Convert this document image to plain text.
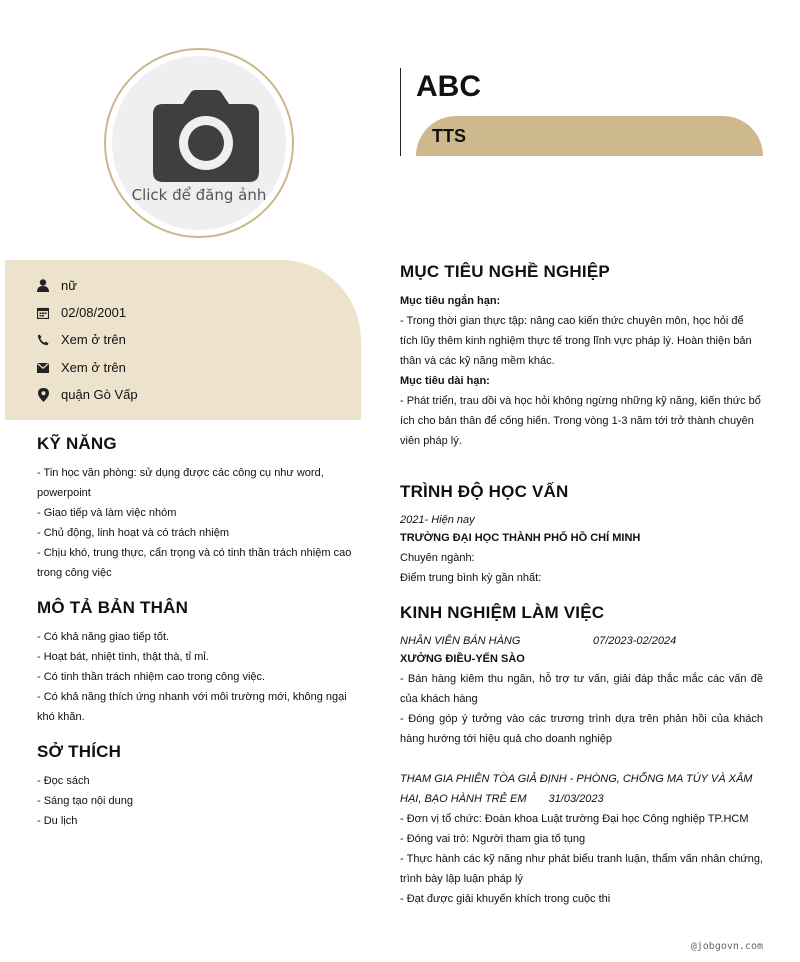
Click để đăng ảnh
ABC
TTS
nữ
02/08/2001
Xem ở trên
Xem ở trên
quận Gò Vấp
KỸ NĂNG
- Tin học văn phòng: sử dụng được các công cụ như word, powerpoint
- Giao tiếp và làm việc nhóm
- Chủ động, linh hoạt và có trách nhiệm
- Chịu khó, trung thực, cẩn trọng và có tinh thần trách nhiệm cao trong công việc
MÔ TẢ BẢN THÂN
- Có khả năng giao tiếp tốt.
- Hoạt bát, nhiệt tình, thật thà, tỉ mỉ.
- Có tinh thần trách nhiệm cao trong công việc.
- Có khả năng thích ứng nhanh với môi trường mới, không ngại khó khăn.
SỞ THÍCH
- Đọc sách
- Sáng tạo nội dung
- Du lịch
MỤC TIÊU NGHỀ NGHIỆP
Mục tiêu ngắn hạn:
- Trong thời gian thực tập: nâng cao kiến thức chuyên môn, học hỏi để tích lũy thêm kinh nghiệm thực tế trong lĩnh vực pháp lý. Hoàn thiện bản thân và các kỹ năng mềm khác.
Mục tiêu dài hạn:
- Phát triển, trau dồi và học hỏi không ngừng những kỹ năng, kiến thức bổ ích cho bản thân để cống hiến. Trong vòng 1-3 năm tới trở thành chuyên viên pháp lý.
TRÌNH ĐỘ HỌC VẤN
2021- Hiện nay
TRƯỜNG ĐẠI HỌC THÀNH PHỐ HỒ CHÍ MINH
Chuyên ngành:
Điểm trung bình kỳ gần nhất:
KINH NGHIỆM LÀM VIỆC
NHÂN VIÊN BÁN HÀNG	07/2023-02/2024
XƯỞNG ĐIỀU-YẾN SÀO
- Bán hàng kiêm thu ngân, hỗ trợ tư vấn, giải đáp thắc mắc các vấn đề của khách hàng
- Đóng góp ý tưởng vào các trương trình dựa trên phản hồi của khách hàng hướng tới hiệu quả cho doanh nghiệp
THAM GIA PHIÊN TÒA GIẢ ĐỊNH - PHÒNG, CHỐNG MA TÚY VÀ XÂM HẠI, BẠO HÀNH TRẺ EM 31/03/2023
- Đơn vị tổ chức: Đoàn khoa Luật trường Đại học Công nghiệp TP.HCM
- Đóng vai trò: Người tham gia tố tụng
- Thực hành các kỹ năng như phát biểu tranh luận, thẩm vấn nhân chứng, trình bày lập luận pháp lý
- Đạt được giải khuyến khích trong cuộc thi
@jobgovn.com
